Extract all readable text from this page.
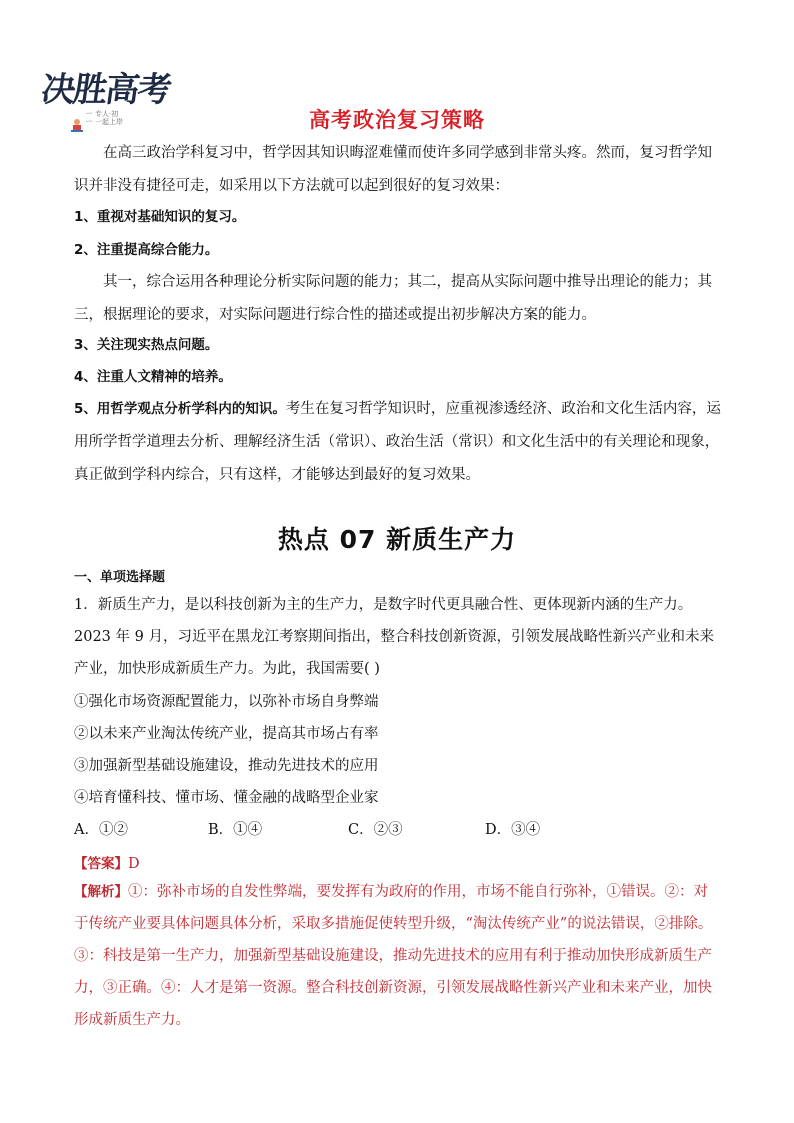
决胜高考
ㅡ 专人·初
ㅡ 一起上岸	高考政治复习策略
在高三政治学科复习中，哲学因其知识晦涩难懂而使许多同学感到非常头疼。然而，复习哲学知识并非没有捷径可走，如采用以下方法就可以起到很好的复习效果：
1、重视对基础知识的复习。
2、注重提高综合能力。
其一，综合运用各种理论分析实际问题的能力；其二，提高从实际问题中推导出理论的能力；其三，根据理论的要求，对实际问题进行综合性的描述或提出初步解决方案的能力。
3、关注现实热点问题。
4、注重人文精神的培养。
5、用哲学观点分析学科内的知识。考生在复习哲学知识时，应重视渗透经济、政治和文化生活内容，运用所学哲学道理去分析、理解经济生活（常识）、政治生活（常识）和文化生活中的有关理论和现象，真正做到学科内综合，只有这样，才能够达到最好的复习效果。
热点 07 新质生产力
一、单项选择题
1．新质生产力，是以科技创新为主的生产力，是数字时代更具融合性、更体现新内涵的生产力。2023 年 9 月，习近平在黑龙江考察期间指出，整合科技创新资源，引领发展战略性新兴产业和未来产业，加快形成新质生产力。为此，我国需要( )
①强化市场资源配置能力，以弥补市场自身弊端
②以未来产业淘汰传统产业，提高其市场占有率
③加强新型基础设施建设，推动先进技术的应用
④培育懂科技、懂市场、懂金融的战略型企业家
A．①②	B．①④	C．②③	D．③④
【答案】D
【解析】①：弥补市场的自发性弊端，要发挥有为政府的作用，市场不能自行弥补，①错误。②：对于传统产业要具体问题具体分析，采取多措施促使转型升级，“淘汰传统产业”的说法错误，②排除。③：科技是第一生产力，加强新型基础设施建设，推动先进技术的应用有利于推动加快形成新质生产力，③正确。④：人才是第一资源。整合科技创新资源，引领发展战略性新兴产业和未来产业，加快形成新质生产力。
